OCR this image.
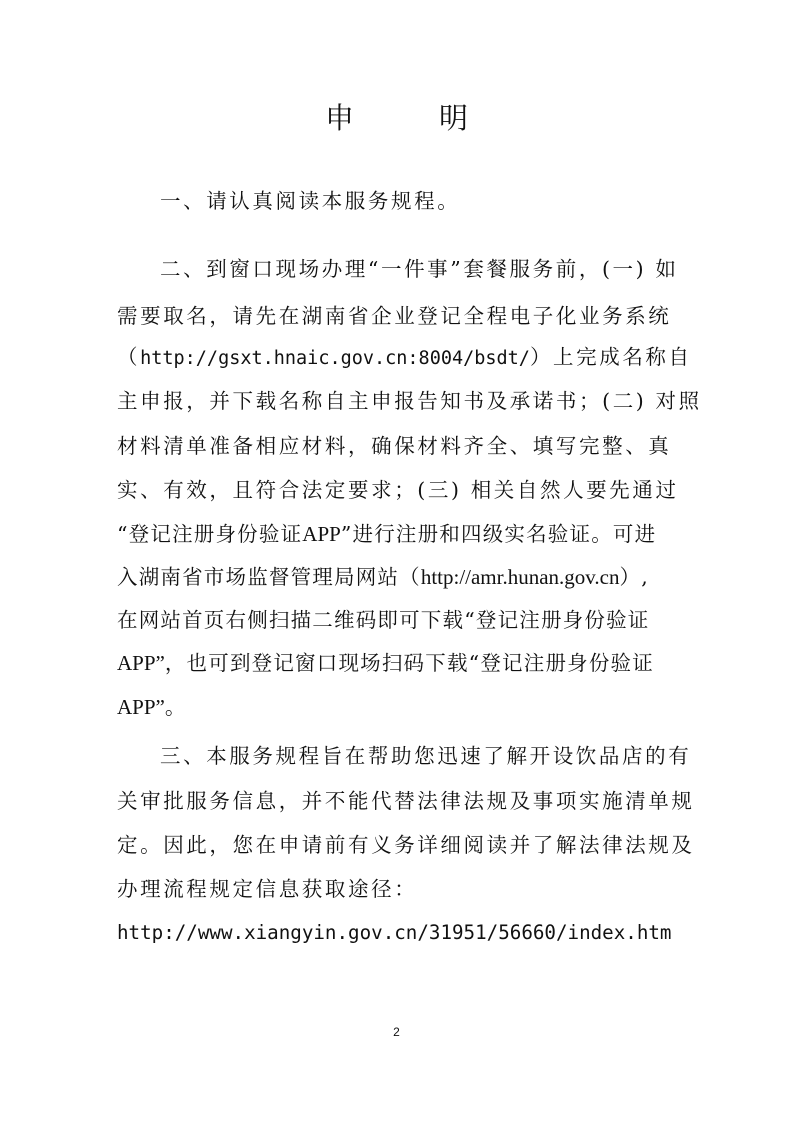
申　明
一、请认真阅读本服务规程。
二、到窗口现场办理“一件事”套餐服务前，(一) 如
需要取名，请先在湖南省企业登记全程电子化业务系统
（http://gsxt.hnaic.gov.cn:8004/bsdt/）上完成名称自
主申报，并下载名称自主申报告知书及承诺书；(二) 对照
材料清单准备相应材料，确保材料齐全、填写完整、真
实、有效，且符合法定要求；(三) 相关自然人要先通过
“登记注册身份验证APP”进行注册和四级实名验证。可进
入湖南省市场监督管理局网站（http://amr.hunan.gov.cn）,
在网站首页右侧扫描二维码即可下载“登记注册身份验证
APP”，也可到登记窗口现场扫码下载“登记注册身份验证
APP”。
三、本服务规程旨在帮助您迅速了解开设饮品店的有
关审批服务信息，并不能代替法律法规及事项实施清单规
定。因此，您在申请前有义务详细阅读并了解法律法规及
办理流程规定信息获取途径：
http://www.xiangyin.gov.cn/31951/56660/index.htm
2
